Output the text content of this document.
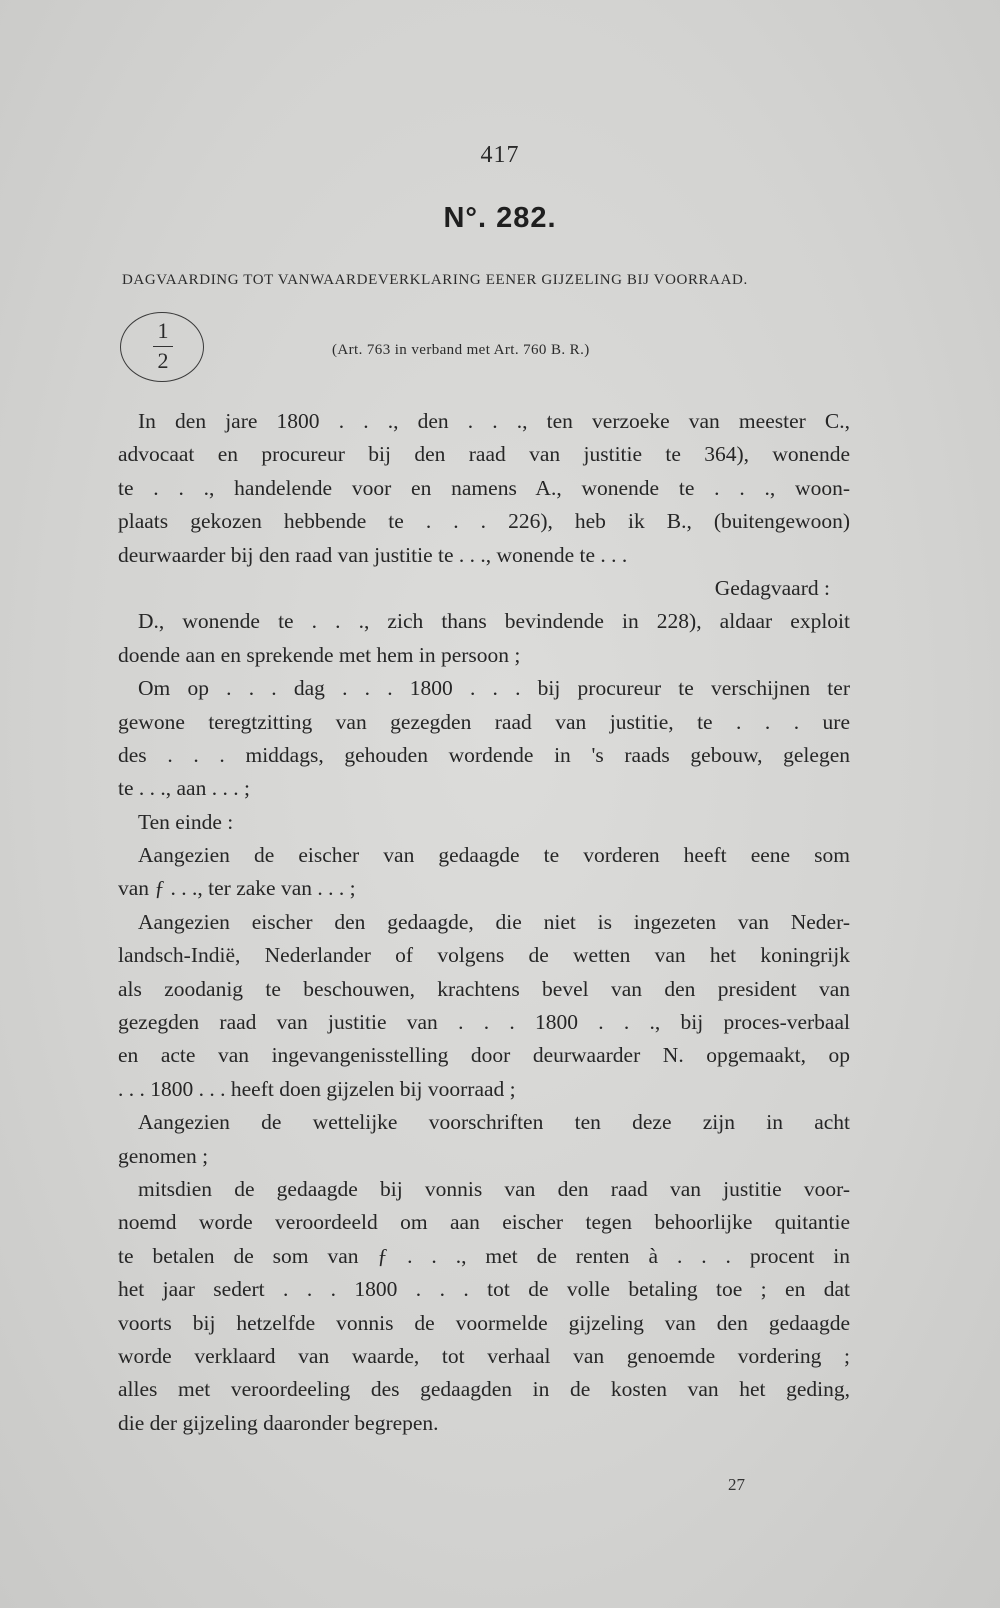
417
N°. 282.
DAGVAARDING TOT VANWAARDEVERKLARING EENER GIJZELING BIJ VOORRAAD.
1
2	(Art. 763 in verband met Art. 760 B. R.)
In den jare 1800 . . ., den . . ., ten verzoeke van meester C.,
advocaat en procureur bij den raad van justitie te 364), wonende
te . . ., handelende voor en namens A., wonende te . . ., woon-
plaats gekozen hebbende te . . . 226), heb ik B., (buitengewoon)
deurwaarder bij den raad van justitie te . . ., wonende te . . .
Gedagvaard :
D., wonende te . . ., zich thans bevindende in 228), aldaar exploit
doende aan en sprekende met hem in persoon ;
Om op . . . dag . . . 1800 . . . bij procureur te verschijnen ter
gewone teregtzitting van gezegden raad van justitie, te . . . ure
des . . . middags, gehouden wordende in 's raads gebouw, gelegen
te . . ., aan . . . ;
Ten einde :
Aangezien de eischer van gedaagde te vorderen heeft eene som
van ƒ . . ., ter zake van . . . ;
Aangezien eischer den gedaagde, die niet is ingezeten van Neder-
landsch-Indië, Nederlander of volgens de wetten van het koningrijk
als zoodanig te beschouwen, krachtens bevel van den president van
gezegden raad van justitie van . . . 1800 . . ., bij proces-verbaal
en acte van ingevangenisstelling door deurwaarder N. opgemaakt, op
. . . 1800 . . . heeft doen gijzelen bij voorraad ;
Aangezien de wettelijke voorschriften ten deze zijn in acht
genomen ;
mitsdien de gedaagde bij vonnis van den raad van justitie voor-
noemd worde veroordeeld om aan eischer tegen behoorlijke quitantie
te betalen de som van ƒ . . ., met de renten à . . . procent in
het jaar sedert . . . 1800 . . . tot de volle betaling toe ; en dat
voorts bij hetzelfde vonnis de voormelde gijzeling van den gedaagde
worde verklaard van waarde, tot verhaal van genoemde vordering ;
alles met veroordeeling des gedaagden in de kosten van het geding,
die der gijzeling daaronder begrepen.
27
